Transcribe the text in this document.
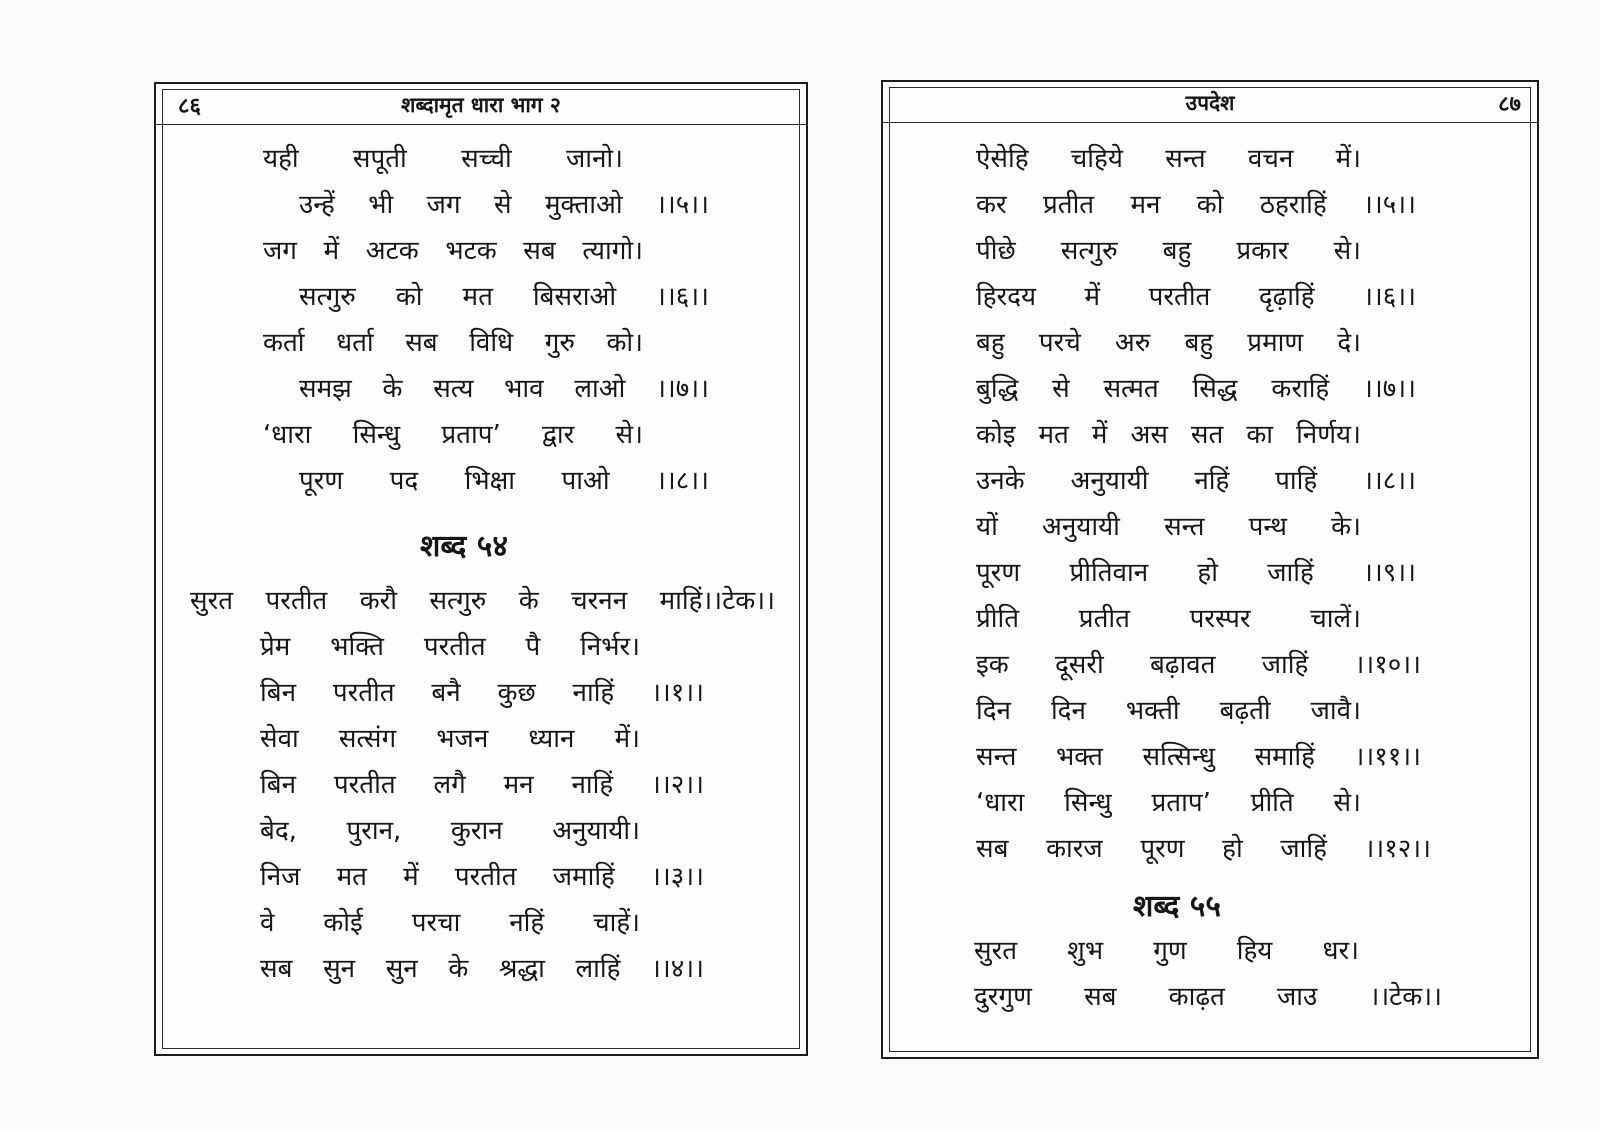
८६	शब्दामृत धारा भाग २
यही सपूती सच्ची जानो।
उन्हें भी जग से मुक्ताओ ।।५।।
जग में अटक भटक सब त्यागो।
सत्गुरु को मत बिसराओ ।।६।।
कर्ता धर्ता सब विधि गुरु को।
समझ के सत्य भाव लाओ ।।७।।
‘धारा सिन्धु प्रताप’ द्वार से।
पूरण पद भिक्षा पाओ ।।८।।
शब्द ५४
सुरत परतीत करौ सत्गुरु के चरनन माहिं।।टेक।।
प्रेम भक्ति परतीत पै निर्भर।
बिन परतीत बनै कुछ नाहिं ।।१।।
सेवा सत्संग भजन ध्यान में।
बिन परतीत लगै मन नाहिं ।।२।।
बेद, पुरान, कुरान अनुयायी।
निज मत में परतीत जमाहिं ।।३।।
वे कोई परचा नहिं चाहें।
सब सुन सुन के श्रद्धा लाहिं ।।४।।
उपदेश	८७
ऐसेहि चहिये सन्त वचन में।
कर प्रतीत मन को ठहराहिं ।।५।।
पीछे सत्गुरु बहु प्रकार से।
हिरदय में परतीत दृढ़ाहिं ।।६।।
बहु परचे अरु बहु प्रमाण दे।
बुद्धि से सत्मत सिद्ध कराहिं ।।७।।
कोइ मत में अस सत का निर्णय।
उनके अनुयायी नहिं पाहिं ।।८।।
यों अनुयायी सन्त पन्थ के।
पूरण प्रीतिवान हो जाहिं ।।९।।
प्रीति प्रतीत परस्पर चालें।
इक दूसरी बढ़ावत जाहिं ।।१०।।
दिन दिन भक्ती बढ़ती जावै।
सन्त भक्त सत्सिन्धु समाहिं ।।११।।
‘धारा सिन्धु प्रताप’ प्रीति से।
सब कारज पूरण हो जाहिं ।।१२।।
शब्द ५५
सुरत शुभ गुण हिय धर।
दुरगुण सब काढ़त जाउ ।।टेक।।
